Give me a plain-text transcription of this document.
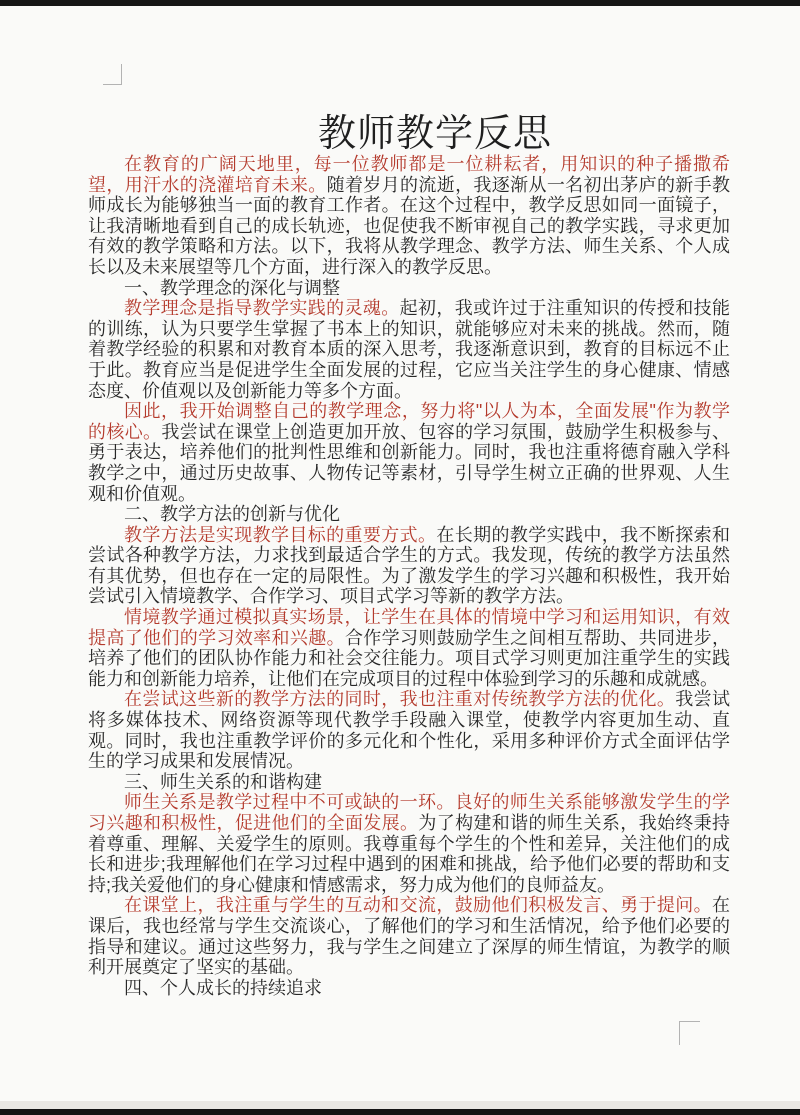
教师教学反思

在教育的广阔天地里，每一位教师都是一位耕耘者，用知识的种子播撒希望，用汗水的浇灌培育未来。随着岁月的流逝，我逐渐从一名初出茅庐的新手教师成长为能够独当一面的教育工作者。在这个过程中，教学反思如同一面镜子，让我清晰地看到自己的成长轨迹，也促使我不断审视自己的教学实践，寻求更加有效的教学策略和方法。以下，我将从教学理念、教学方法、师生关系、个人成长以及未来展望等几个方面，进行深入的教学反思。

一、教学理念的深化与调整

教学理念是指导教学实践的灵魂。起初，我或许过于注重知识的传授和技能的训练，认为只要学生掌握了书本上的知识，就能够应对未来的挑战。然而，随着教学经验的积累和对教育本质的深入思考，我逐渐意识到，教育的目标远不止于此。教育应当是促进学生全面发展的过程，它应当关注学生的身心健康、情感态度、价值观以及创新能力等多个方面。

因此，我开始调整自己的教学理念，努力将"以人为本，全面发展"作为教学的核心。我尝试在课堂上创造更加开放、包容的学习氛围，鼓励学生积极参与、勇于表达，培养他们的批判性思维和创新能力。同时，我也注重将德育融入学科教学之中，通过历史故事、人物传记等素材，引导学生树立正确的世界观、人生观和价值观。

二、教学方法的创新与优化

教学方法是实现教学目标的重要方式。在长期的教学实践中，我不断探索和尝试各种教学方法，力求找到最适合学生的方式。我发现，传统的教学方法虽然有其优势，但也存在一定的局限性。为了激发学生的学习兴趣和积极性，我开始尝试引入情境教学、合作学习、项目式学习等新的教学方法。

情境教学通过模拟真实场景，让学生在具体的情境中学习和运用知识，有效提高了他们的学习效率和兴趣。合作学习则鼓励学生之间相互帮助、共同进步，培养了他们的团队协作能力和社会交往能力。项目式学习则更加注重学生的实践能力和创新能力培养，让他们在完成项目的过程中体验到学习的乐趣和成就感。

在尝试这些新的教学方法的同时，我也注重对传统教学方法的优化。我尝试将多媒体技术、网络资源等现代教学手段融入课堂，使教学内容更加生动、直观。同时，我也注重教学评价的多元化和个性化，采用多种评价方式全面评估学生的学习成果和发展情况。

三、师生关系的和谐构建

师生关系是教学过程中不可或缺的一环。良好的师生关系能够激发学生的学习兴趣和积极性，促进他们的全面发展。为了构建和谐的师生关系，我始终秉持着尊重、理解、关爱学生的原则。我尊重每个学生的个性和差异，关注他们的成长和进步;我理解他们在学习过程中遇到的困难和挑战，给予他们必要的帮助和支持;我关爱他们的身心健康和情感需求，努力成为他们的良师益友。

在课堂上，我注重与学生的互动和交流，鼓励他们积极发言、勇于提问。在课后，我也经常与学生交流谈心，了解他们的学习和生活情况，给予他们必要的指导和建议。通过这些努力，我与学生之间建立了深厚的师生情谊，为教学的顺利开展奠定了坚实的基础。

四、个人成长的持续追求
